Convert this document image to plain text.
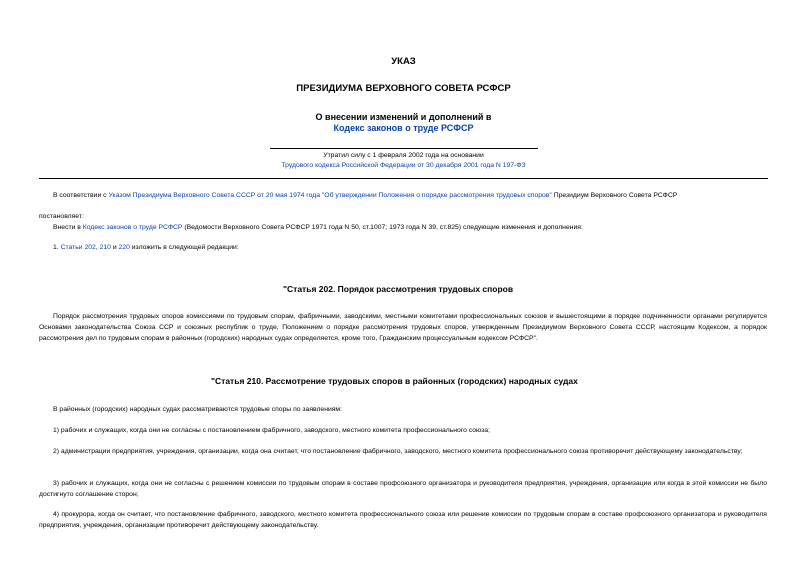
УКАЗ
ПРЕЗИДИУМА ВЕРХОВНОГО СОВЕТА РСФСР
О внесении изменений и дополнений в
Кодекс законов о труде РСФСР
Утратил силу с 1 февраля 2002 года на основании
Трудового кодекса Российской Федерации от 30 декабря 2001 года N 197-ФЗ
В соответствии с Указом Президиума Верховного Совета СССР от 20 мая 1974 года "Об утверждении Положения о порядке рассмотрения трудовых споров" Президиум Верховного Совета РСФСР
постановляет:
Внести в Кодекс законов о труде РСФСР (Ведомости Верховного Совета РСФСР 1971 года N 50, ст.1007; 1973 года N 39, ст.825) следующие изменения и дополнения:
1. Статьи 202, 210 и 220 изложить в следующей редакции:
"Статья 202. Порядок рассмотрения трудовых споров
Порядок рассмотрения трудовых споров комиссиями по трудовым спорам, фабричными, заводскими, местными комитетами профессиональных союзов и вышестоящими в порядке подчиненности органами регулируется Основами законодательства Союза ССР и союзных республик о труде, Положением о порядке рассмотрения трудовых споров, утвержденным Президиумом Верховного Совета СССР, настоящим Кодексом, а порядок рассмотрения дел по трудовым спорам в районных (городских) народных судах определяется, кроме того, Гражданским процессуальным кодексом РСФСР".
"Статья 210. Рассмотрение трудовых споров в районных (городских) народных судах
В районных (городских) народных судах рассматриваются трудовые споры по заявлениям:
1) рабочих и служащих, когда они не согласны с постановлением фабричного, заводского, местного комитета профессионального союза;
2) администрации предприятия, учреждения, организации, когда она считает, что постановление фабричного, заводского, местного комитета профессионального союза противоречит действующему законодательству;
3) рабочих и служащих, когда они не согласны с решением комиссии по трудовым спорам в составе профсоюзного организатора и руководителя предприятия, учреждения, организации или когда в этой комиссии не было достигнуто соглашение сторон;
4) прокурора, когда он считает, что постановление фабричного, заводского, местного комитета профессионального союза или решение комиссии по трудовым спорам в составе профсоюзного организатора и руководителя предприятия, учреждения, организации противоречит действующему законодательству.
